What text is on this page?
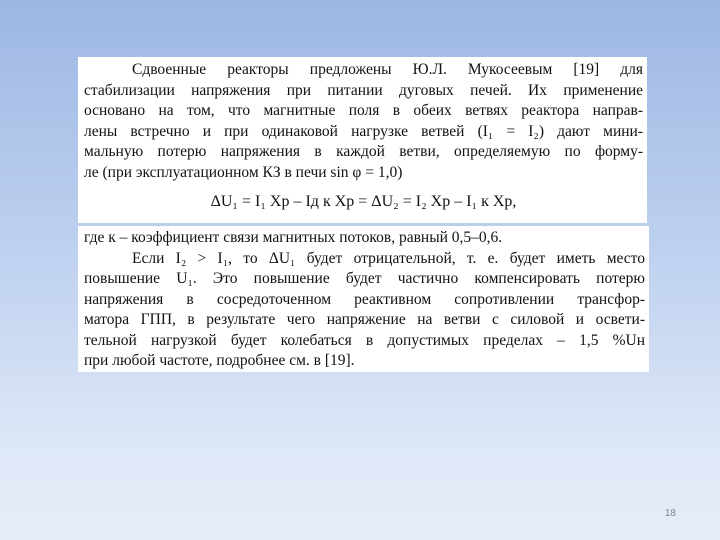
Сдвоенные реакторы предложены Ю.Л. Мукосеевым [19] для
стабилизации напряжения при питании дуговых печей. Их применение
основано на том, что магнитные поля в обеих ветвях реактора направ-
лены встречно и при одинаковой нагрузке ветвей (I₁ = I₂) дают мини-
мальную потерю напряжения в каждой ветви, определяемую по форму-
ле (при эксплуатационном КЗ в печи sin φ = 1,0)
ΔU₁ = I₁ Xр – Iд к Xр = ΔU₂ = I₂ Xр – I₁ к Xр,
где к – коэффициент связи магнитных потоков, равный 0,5–0,6.
Если I₂ > I₁, то ΔU₁ будет отрицательной, т. е. будет иметь место
повышение U₁. Это повышение будет частично компенсировать потерю
напряжения в сосредоточенном реактивном сопротивлении трансфор-
матора ГПП, в результате чего напряжение на ветви с силовой и освети-
тельной нагрузкой будет колебаться в допустимых пределах – 1,5 %Uн
при любой частоте, подробнее см. в [19].
18
